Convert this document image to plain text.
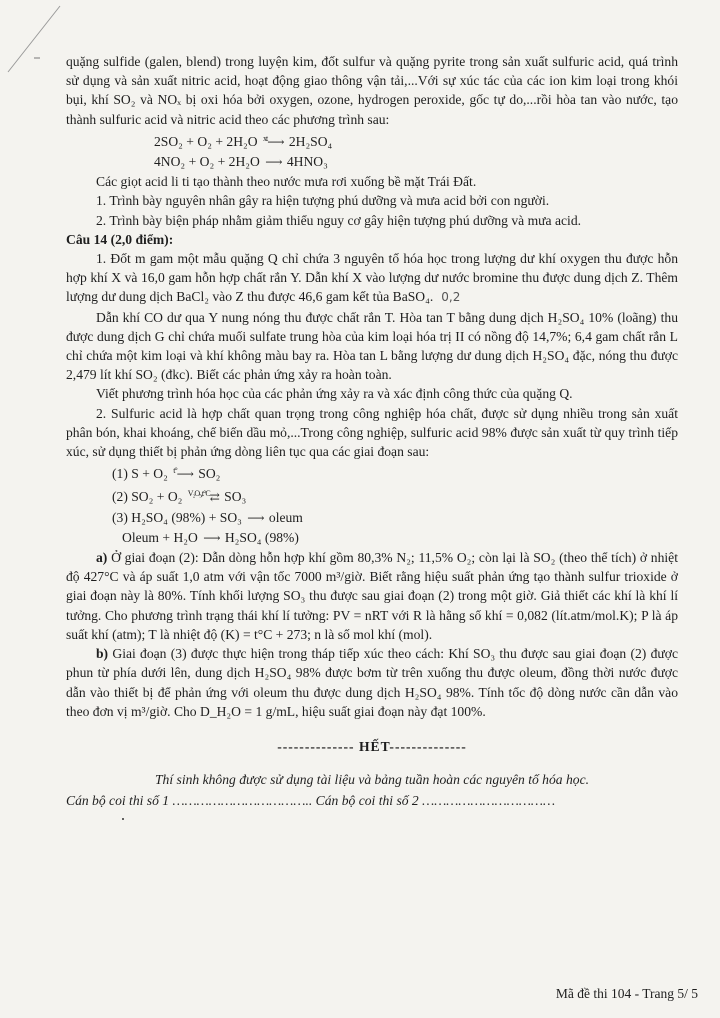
quặng sulfide (galen, blend) trong luyện kim, đốt sulfur và quặng pyrite trong sản xuất sulfuric acid, quá trình sử dụng và sản xuất nitric acid, hoạt động giao thông vận tải,...Với sự xúc tác của các ion kim loại trong khói bụi, khí SO₂ và NOₓ bị oxi hóa bởi oxygen, ozone, hydrogen peroxide, gốc tự do,...rồi hòa tan vào nước, tạo thành sulfuric acid và nitric acid theo các phương trình sau:

2SO₂ + O₂ + 2H₂O $^{xt}$⟶ 2H₂SO₄

4NO₂ + O₂ + 2H₂O ⟶ 4HNO₃

Các giọt acid li ti tạo thành theo nước mưa rơi xuống bề mặt Trái Đất.

1. Trình bày nguyên nhân gây ra hiện tượng phú dưỡng và mưa acid bởi con người.

2. Trình bày biện pháp nhằm giảm thiểu nguy cơ gây hiện tượng phú dưỡng và mưa acid.

Câu 14 (2,0 điểm):

1. Đốt m gam một mẫu quặng Q chỉ chứa 3 nguyên tố hóa học trong lượng dư khí oxygen thu được hỗn hợp khí X và 16,0 gam hỗn hợp chất rắn Y. Dẫn khí X vào lượng dư nước bromine thu được dung dịch Z. Thêm lượng dư dung dịch BaCl₂ vào Z thu được 46,6 gam kết tủa BaSO₄. 0,2

Dẫn khí CO dư qua Y nung nóng thu được chất rắn T. Hòa tan T bằng dung dịch H₂SO₄ 10% (loãng) thu được dung dịch G chỉ chứa muối sulfate trung hòa của kim loại hóa trị II có nồng độ 14,7%; 6,4 gam chất rắn L chỉ chứa một kim loại và khí không màu bay ra. Hòa tan L bằng lượng dư dung dịch H₂SO₄ đặc, nóng thu được 2,479 lít khí SO₂ (đkc). Biết các phản ứng xảy ra hoàn toàn.

Viết phương trình hóa học của các phản ứng xảy ra và xác định công thức của quặng Q.

2. Sulfuric acid là hợp chất quan trọng trong công nghiệp hóa chất, được sử dụng nhiều trong sản xuất phân bón, khai khoáng, chế biến dầu mỏ,...Trong công nghiệp, sulfuric acid 98% được sản xuất từ quy trình tiếp xúc, sử dụng thiết bị phản ứng dòng liên tục qua các giai đoạn sau:

(1) S + O₂ $^{t^\circ}$⟶ SO₂

(2) SO₂ + O₂ $^{V_2O_5,t^\circ C}$⇄ SO₃

(3) H₂SO₄ (98%) + SO₃ ⟶ oleum

Oleum + H₂O ⟶ H₂SO₄ (98%)

a) Ở giai đoạn (2): Dẫn dòng hỗn hợp khí gồm 80,3% N₂; 11,5% O₂; còn lại là SO₂ (theo thể tích) ở nhiệt độ 427°C và áp suất 1,0 atm với vận tốc 7000 m³/giờ. Biết rằng hiệu suất phản ứng tạo thành sulfur trioxide ở giai đoạn này là 80%. Tính khối lượng SO₃ thu được sau giai đoạn (2) trong một giờ. Giả thiết các khí là khí lí tưởng. Cho phương trình trạng thái khí lí tưởng: PV = nRT với R là hằng số khí = 0,082 (lít.atm/mol.K); P là áp suất khí (atm); T là nhiệt độ (K) = t°C + 273; n là số mol khí (mol).

b) Giai đoạn (3) được thực hiện trong tháp tiếp xúc theo cách: Khí SO₃ thu được sau giai đoạn (2) được phun từ phía dưới lên, dung dịch H₂SO₄ 98% được bơm từ trên xuống thu được oleum, đồng thời nước được dẫn vào thiết bị để phản ứng với oleum thu được dung dịch H₂SO₄ 98%. Tính tốc độ dòng nước cần dẫn vào theo đơn vị m³/giờ. Cho D_H₂O = 1 g/mL, hiệu suất giai đoạn này đạt 100%.

-------------- HẾT--------------

Thí sinh không được sử dụng tài liệu và bảng tuần hoàn các nguyên tố hóa học.

Cán bộ coi thi số 1 …………………………….. Cán bộ coi thi số 2 ……………………………

Mã đề thi 104 - Trang 5/ 5
